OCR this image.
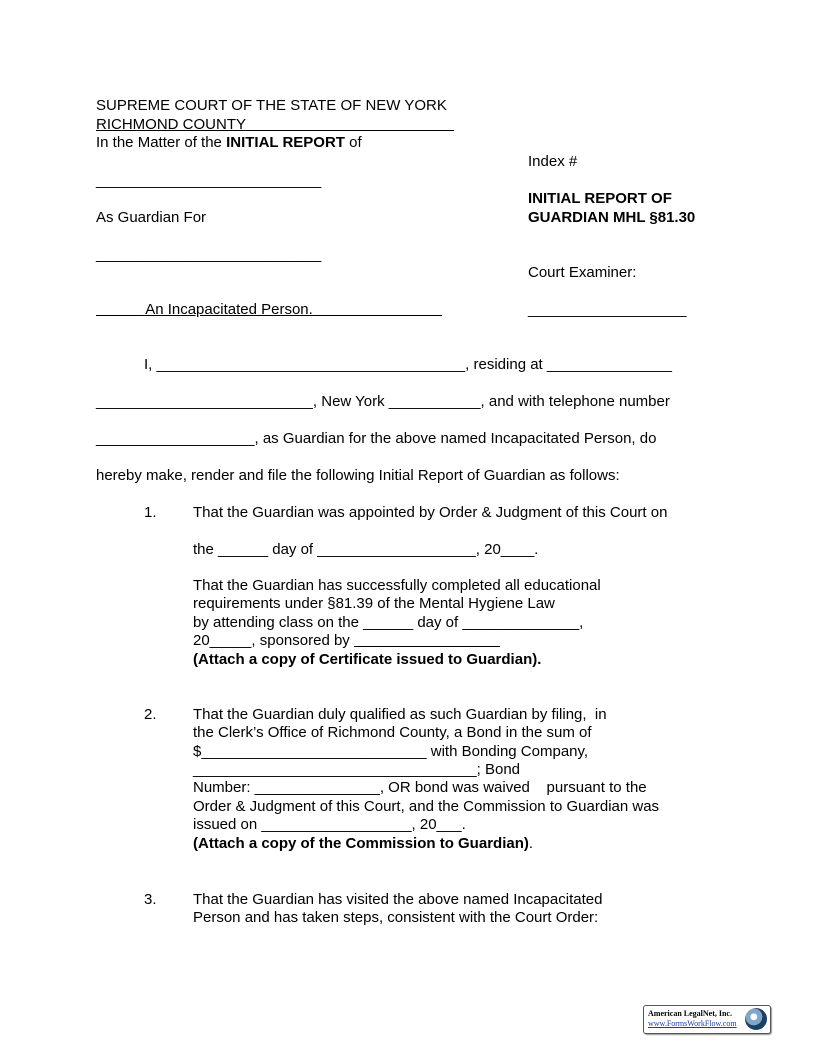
SUPREME COURT OF THE STATE OF NEW YORK
RICHMOND COUNTY
In the Matter of the INITIAL REPORT of
___________________________
As Guardian For
___________________________
An Incapacitated Person.
Index #
INITIAL REPORT OF
GUARDIAN MHL §81.30
Court Examiner:
___________________
I, _____________________________________, residing at _______________
__________________________, New York ___________, and with telephone number
___________________, as Guardian for the above named Incapacitated Person, do
hereby make, render and file the following Initial Report of Guardian as follows:
1. That the Guardian was appointed by Order & Judgment of this Court on
the ______ day of ___________________, 20____.
That the Guardian has successfully completed all educational
requirements under §81.39 of the Mental Hygiene Law
by attending class on the ______ day of ______________,
20_____, sponsored by
(Attach a copy of Certificate issued to Guardian).
2. That the Guardian duly qualified as such Guardian by filing,  in
the Clerk’s Office of Richmond County, a Bond in the sum of
$___________________________ with Bonding Company,
__________________________________; Bond
Number: _______________, OR bond was waived    pursuant to the
Order & Judgment of this Court, and the Commission to Guardian was
issued on __________________, 20___.
(Attach a copy of the Commission to Guardian).
3. That the Guardian has visited the above named Incapacitated
Person and has taken steps, consistent with the Court Order:
American LegalNet, Inc.
www.FormsWorkFlow.com
